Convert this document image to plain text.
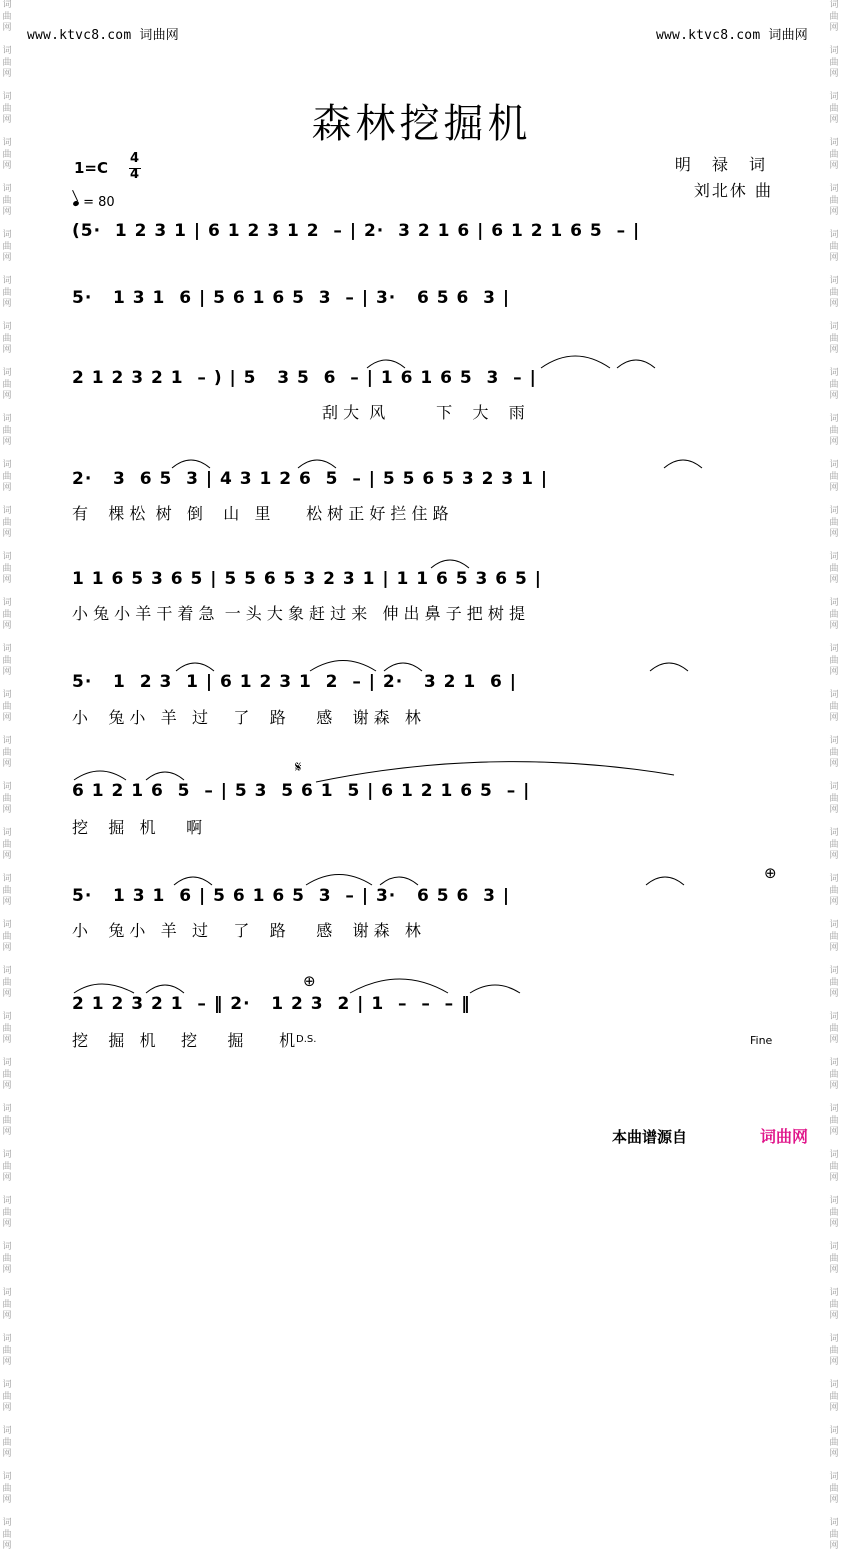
词
曲
网

词
曲
网

词
曲
网

词
曲
网

词
曲
网

词
曲
网

词
曲
网

词
曲
网

词
曲
网

词
曲
网

词
曲
网

词
曲
网

词
曲
网

词
曲
网

词
曲
网

词
曲
网

词
曲
网

词
曲
网

词
曲
网

词
曲
网

词
曲
网

词
曲
网

词
曲
网

词
曲
网

词
曲
网

词
曲
网

词
曲
网

词
曲
网

词
曲
网

词
曲
网

词
曲
网

词
曲
网

词
曲
网

词
曲
网

词
曲
网

词
曲
网

词
曲
网

词
曲
网

词
曲
网

词
曲
网

词
曲
网

词
曲
网

词
曲
网

词
曲
网

词
曲
网

词
曲
网

词
曲
网

词
曲
网

词
曲
网

词
曲
网

词
曲
网

词
曲
网

词
曲
网

词
曲
网

词
曲
网

词
曲
网

词
曲
网

词
曲
网

词
曲
网

词
曲
网

词
曲
网

词
曲
网

词
曲
网

词
曲
网

词
曲
网

词
曲
网

词
曲
网

词
曲
网

www.ktvc8.com 词曲网	www.ktvc8.com 词曲网
森林挖掘机
1=C
4
4
= 80
明 禄 词
刘北休 曲
(5·  1 2 3 1 | 6 1 2 3 1 2  – | 2·  3 2 1 6 | 6 1 2 1 6 5  – |
5·   1 3 1  6 | 5 6 1 6 5  3  – | 3·   6 5 6  3 |
2 1 2 3 2 1  – ) | 5   3 5  6  – | 1 6 1 6 5  3  – |
刮 大  风          下    大    雨
2·   3  6 5  3 | 4 3 1 2 6  5  – | 5 5 6 5 3 2 3 1 |
有    棵 松  树   倒    山   里       松 树 正 好 拦 住 路
1 1 6 5 3 6 5 | 5 5 6 5 3 2 3 1 | 1 1 6 5 3 6 5 |
小 兔 小 羊 干 着 急  一 头 大 象 赶 过 来   伸 出 鼻 子 把 树 提
5·   1  2 3  1 | 6 1 2 3 1  2  – | 2·   3 2 1  6 |
小    兔 小   羊   过     了    路      感    谢 森   林
6 1 2 1 6  5  – | 5 3  5 6 1  5 | 6 1 2 1 6 5  – |
挖    掘   机      啊
5·   1 3 1  6 | 5 6 1 6 5  3  – | 3·   6 5 6  3 |
小    兔 小   羊   过     了    路      感    谢 森   林
2 1 2 3 2 1  – ‖ 2·   1 2 3  2 | 1  –  –  – ‖
挖    掘   机     挖      掘       机 D.S.	Fine
𝄋
⊕
⊕
本曲谱源自	词曲网
